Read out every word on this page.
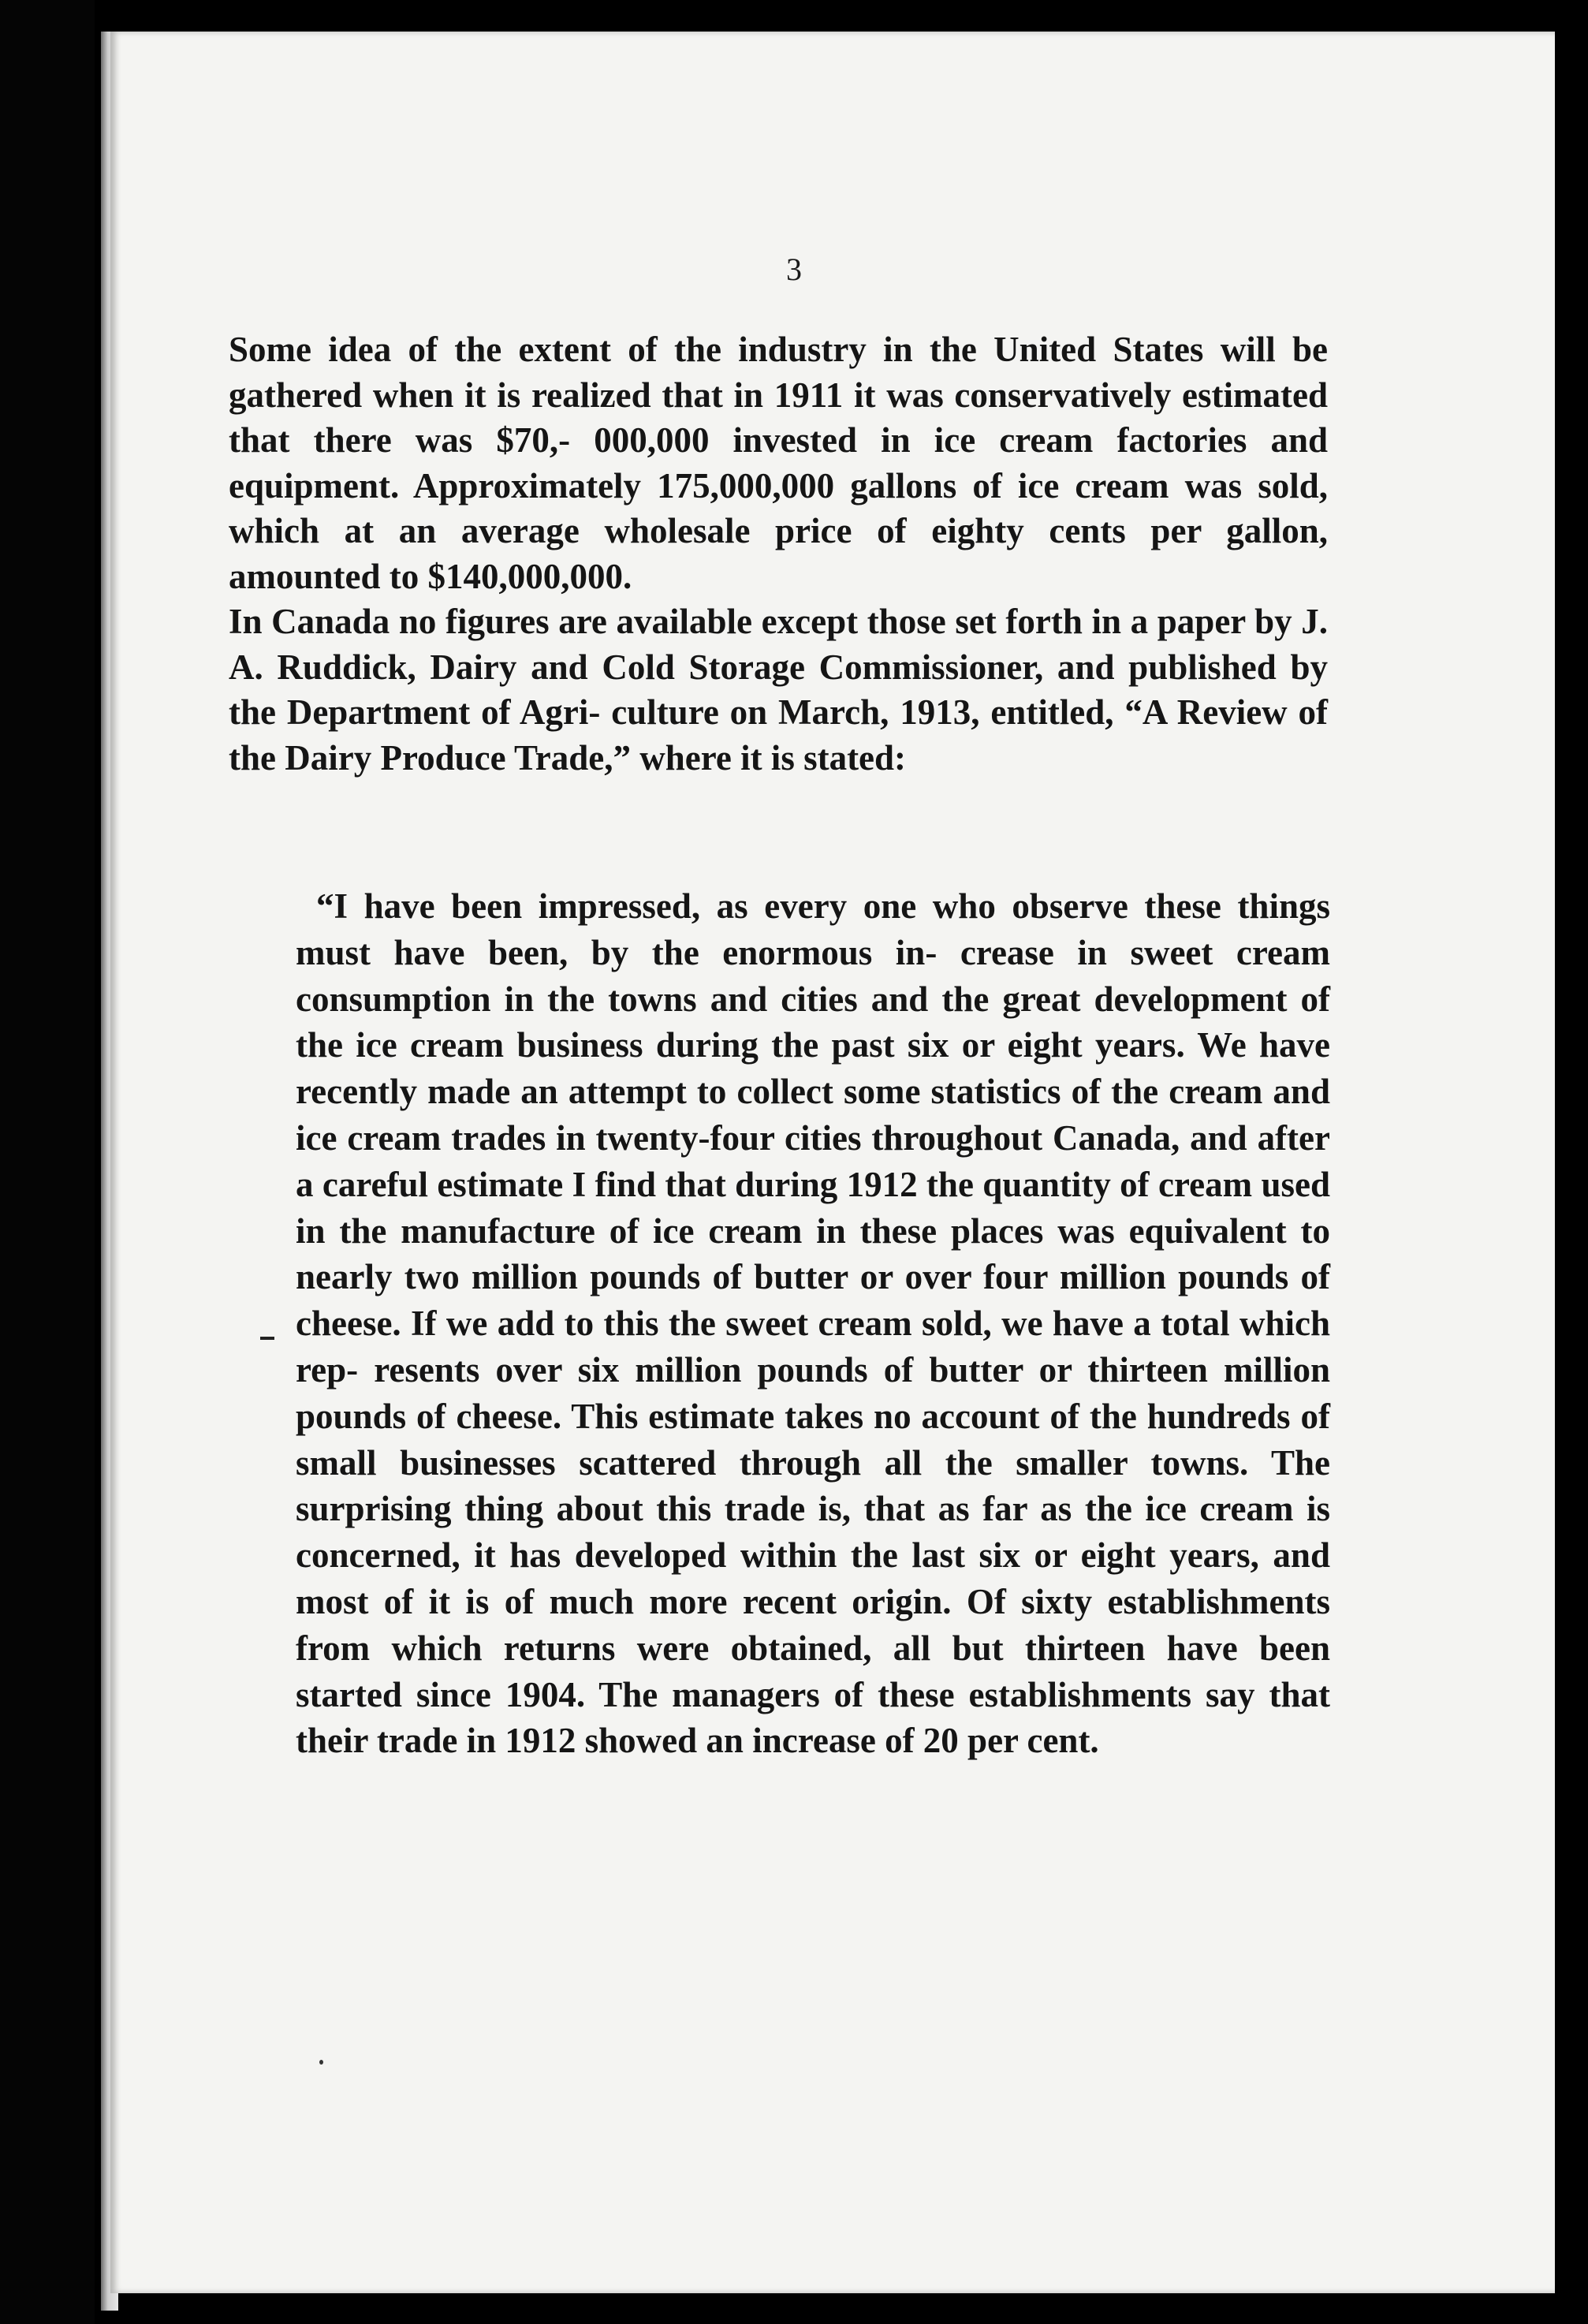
3

Some idea of the extent of the industry in the United States will be gathered when it is realized that in 1911 it was conservatively estimated that there was $70,- 000,000 invested in ice cream factories and equipment. Approximately 175,000,000 gallons of ice cream was sold, which at an average wholesale price of eighty cents per gallon, amounted to $140,000,000.

In Canada no figures are available except those set forth in a paper by J. A. Ruddick, Dairy and Cold Storage Commissioner, and published by the Department of Agri- culture on March, 1913, entitled, “A Review of the Dairy Produce Trade,” where it is stated:

“I have been impressed, as every one who observe these things must have been, by the enormous in- crease in sweet cream consumption in the towns and cities and the great development of the ice cream business during the past six or eight years. We have recently made an attempt to collect some statistics of the cream and ice cream trades in twenty-four cities throughout Canada, and after a careful estimate I find that during 1912 the quantity of cream used in the manufacture of ice cream in these places was equivalent to nearly two million pounds of butter or over four million pounds of cheese. If we add to this the sweet cream sold, we have a total which rep- resents over six million pounds of butter or thirteen million pounds of cheese. This estimate takes no account of the hundreds of small businesses scattered through all the smaller towns. The surprising thing about this trade is, that as far as the ice cream is concerned, it has developed within the last six or eight years, and most of it is of much more recent origin. Of sixty establishments from which returns were obtained, all but thirteen have been started since 1904. The managers of these establishments say that their trade in 1912 showed an increase of 20 per cent.
